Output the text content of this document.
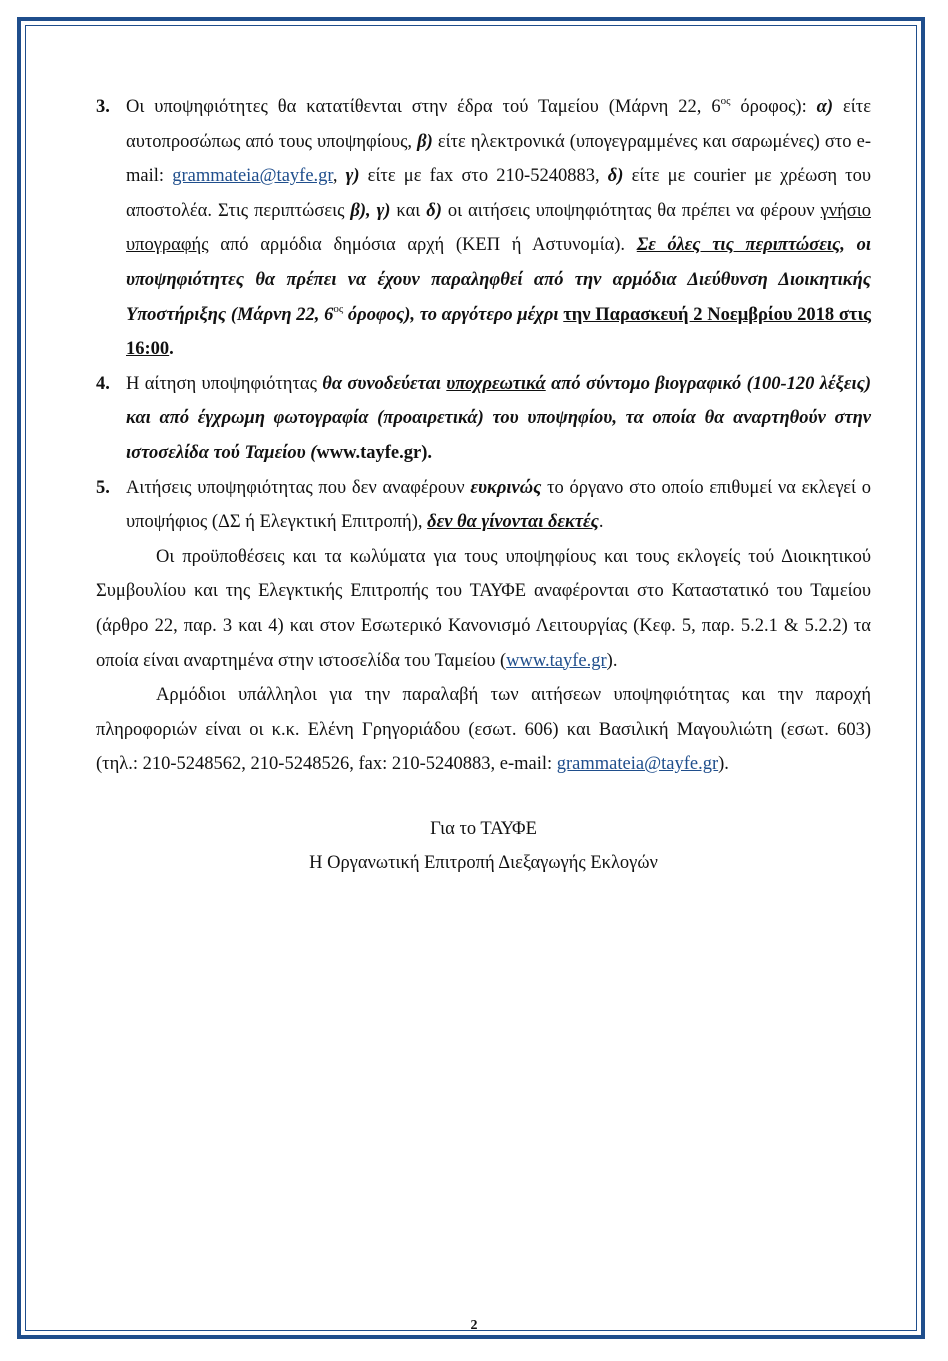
3. Οι υποψηφιότητες θα κατατίθενται στην έδρα τού Ταμείου (Μάρνη 22, $6^{o\varsigma}$ όροφος): α) είτε αυτοπροσώπως από τους υποψηφίους, β) είτε ηλεκτρονικά (υπογεγραμμένες και σαρωμένες) στο e-mail: grammateia@tayfe.gr, γ) είτε με fax στο 210-5240883, δ) είτε με courier με χρέωση του αποστολέα. Στις περιπτώσεις β), γ) και δ) οι αιτήσεις υποψηφιότητας θα πρέπει να φέρουν γνήσιο υπογραφής από αρμόδια δημόσια αρχή (ΚΕΠ ή Αστυνομία). Σε όλες τις περιπτώσεις, οι υποψηφιότητες θα πρέπει να έχουν παραληφθεί από την αρμόδια Διεύθυνση Διοικητικής Υποστήριξης (Μάρνη 22, $6^{o\varsigma}$ όροφος), το αργότερο μέχρι την Παρασκευή 2 Νοεμβρίου 2018 στις 16:00.
4. Η αίτηση υποψηφιότητας θα συνοδεύεται υποχρεωτικά από σύντομο βιογραφικό (100-120 λέξεις) και από έγχρωμη φωτογραφία (προαιρετικά) του υποψηφίου, τα οποία θα αναρτηθούν στην ιστοσελίδα τού Ταμείου (www.tayfe.gr).
5. Αιτήσεις υποψηφιότητας που δεν αναφέρουν ευκρινώς το όργανο στο οποίο επιθυμεί να εκλεγεί ο υποψήφιος (ΔΣ ή Ελεγκτική Επιτροπή), δεν θα γίνονται δεκτές.
Οι προϋποθέσεις και τα κωλύματα για τους υποψηφίους και τους εκλογείς τού Διοικητικού Συμβουλίου και της Ελεγκτικής Επιτροπής του ΤΑΥΦΕ αναφέρονται στο Καταστατικό του Ταμείου (άρθρο 22, παρ. 3 και 4) και στον Εσωτερικό Κανονισμό Λειτουργίας (Κεφ. 5, παρ. 5.2.1 & 5.2.2) τα οποία είναι αναρτημένα στην ιστοσελίδα του Ταμείου (www.tayfe.gr).
Αρμόδιοι υπάλληλοι για την παραλαβή των αιτήσεων υποψηφιότητας και την παροχή πληροφοριών είναι οι κ.κ. Ελένη Γρηγοριάδου (εσωτ. 606) και Βασιλική Μαγουλιώτη (εσωτ. 603) (τηλ.: 210-5248562, 210-5248526, fax: 210-5240883, e-mail: grammateia@tayfe.gr).
Για το ΤΑΥΦΕ
Η Οργανωτική Επιτροπή Διεξαγωγής Εκλογών
2
